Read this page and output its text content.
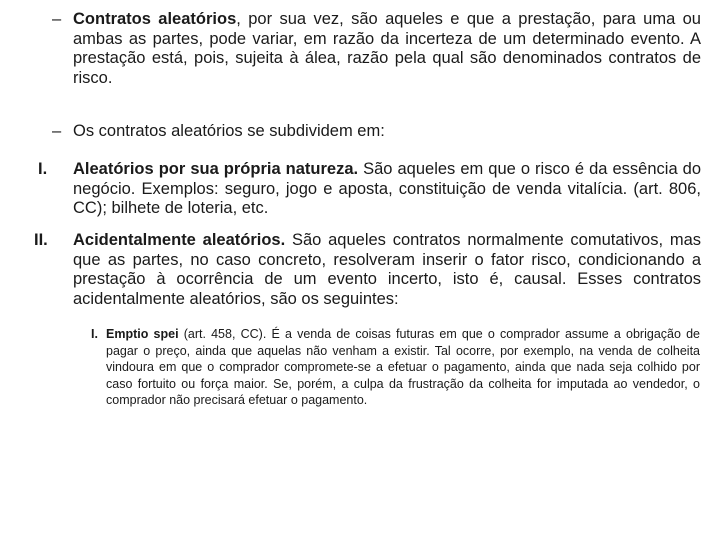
– Contratos aleatórios, por sua vez, são aqueles e que a prestação, para uma ou ambas as partes, pode variar, em razão da incerteza de um determinado evento. A prestação está, pois, sujeita à álea, razão pela qual são denominados contratos de risco.

– Os contratos aleatórios se subdividem em:

I. Aleatórios por sua própria natureza. São aqueles em que o risco é da essência do negócio. Exemplos: seguro, jogo e aposta, constituição de venda vitalícia. (art. 806, CC); bilhete de loteria, etc.

II. Acidentalmente aleatórios. São aqueles contratos normalmente comutativos, mas que as partes, no caso concreto, resolveram inserir o fator risco, condicionando a prestação à ocorrência de um evento incerto, isto é, causal. Esses contratos acidentalmente aleatórios, são os seguintes:

I. Emptio spei (art. 458, CC). É a venda de coisas futuras em que o comprador assume a obrigação de pagar o preço, ainda que aquelas não venham a existir. Tal ocorre, por exemplo, na venda de colheita vindoura em que o comprador compromete-se a efetuar o pagamento, ainda que nada seja colhido por caso fortuito ou força maior. Se, porém, a culpa da frustração da colheita for imputada ao vendedor, o comprador não precisará efetuar o pagamento.
